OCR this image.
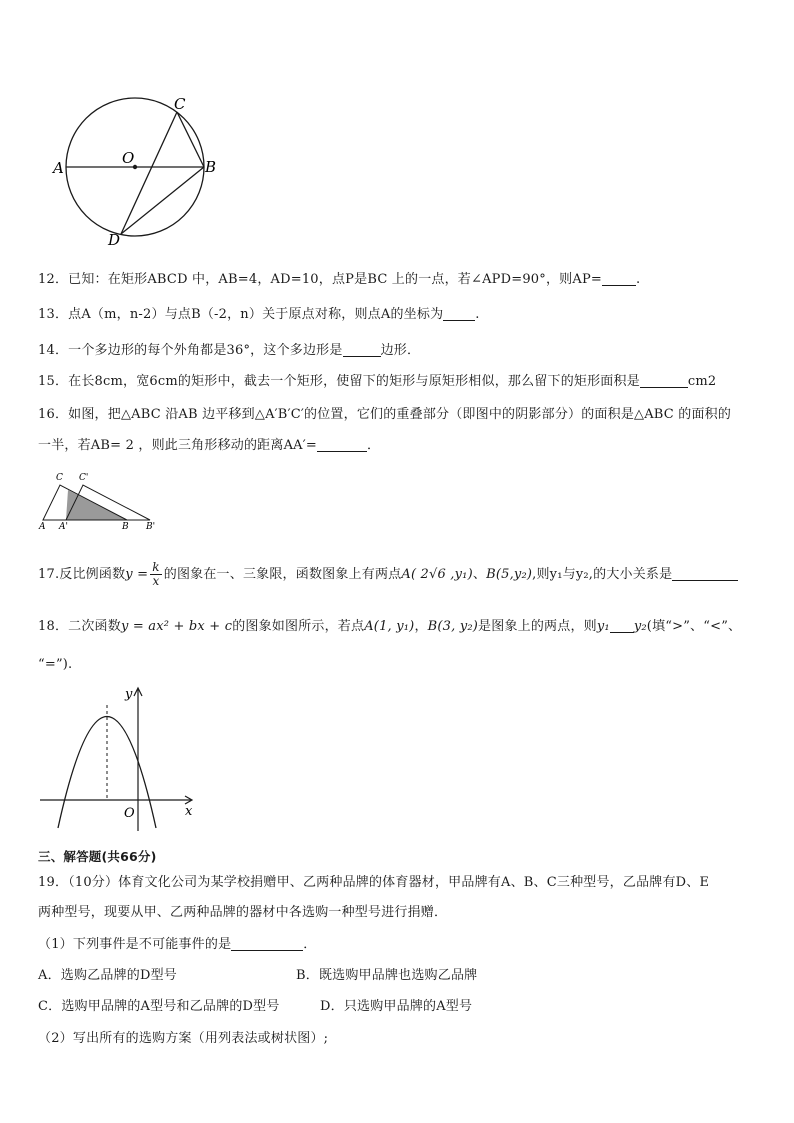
A	B
C
D
O
12．已知：在矩形ABCD 中，AB=4，AD=10，点P是BC 上的一点，若∠APD=90°，则AP=	.
13．点A（m，n-2）与点B（-2，n）关于原点对称，则点A的坐标为 .
14．一个多边形的每个外角都是36°，这个多边形是	边形．
15．在长8cm，宽6cm的矩形中，截去一个矩形，使留下的矩形与原矩形相似，那么留下的矩形面积是	cm2
16．如图，把△ABC 沿AB 边平移到△A′B′C′的位置，它们的重叠部分（即图中的阴影部分）的面积是△ABC 的面积的
一半，若AB= 2 ，则此三角形移动的距离AA′=	．
C C'
A A'	B B'
17.反比例函数$y = \frac{k}{x}$ 的图象在一、三象限，函数图象上有两点A( 2√6 ,y₁)、B(5,y₂),则y₁与y₂,的大小关系是
18．二次函数y = ax² + bx + c的图象如图所示，若点A(1, y₁)，B(3, y₂)是图象上的两点，则y₁ y₂(填“>”、“<”、
“=”).
y
x
O
三、解答题(共66分)
19．（10分）体育文化公司为某学校捐赠甲、乙两种品牌的体育器材，甲品牌有A、B、C三种型号，乙品牌有D、E
两种型号，现要从甲、乙两种品牌的器材中各选购一种型号进行捐赠．
（1）下列事件是不可能事件的是	．
A．选购乙品牌的D型号	B．既选购甲品牌也选购乙品牌
C．选购甲品牌的A型号和乙品牌的D型号	D．只选购甲品牌的A型号
（2）写出所有的选购方案（用列表法或树状图）;
